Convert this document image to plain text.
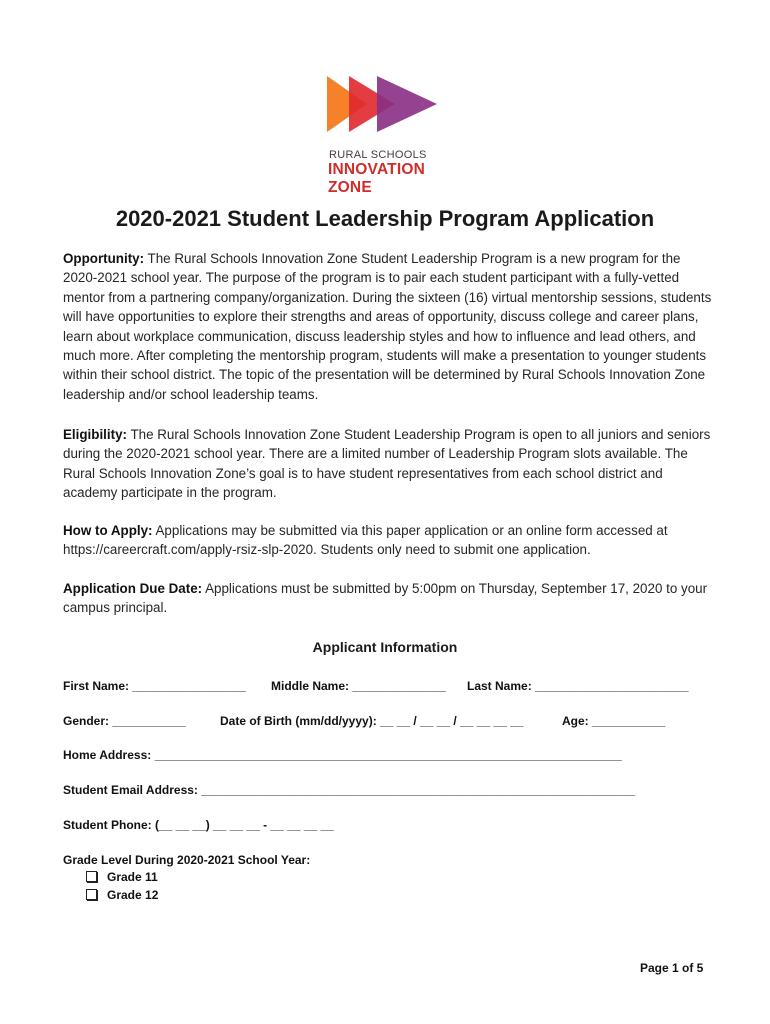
RURAL SCHOOLS
INNOVATION
ZONE
2020-2021 Student Leadership Program Application

Opportunity: The Rural Schools Innovation Zone Student Leadership Program is a new program for the 2020-2021 school year. The purpose of the program is to pair each student participant with a fully-vetted mentor from a partnering company/organization. During the sixteen (16) virtual mentorship sessions, students will have opportunities to explore their strengths and areas of opportunity, discuss college and career plans, learn about workplace communication, discuss leadership styles and how to influence and lead others, and much more. After completing the mentorship program, students will make a presentation to younger students within their school district. The topic of the presentation will be determined by Rural Schools Innovation Zone leadership and/or school leadership teams.

Eligibility: The Rural Schools Innovation Zone Student Leadership Program is open to all juniors and seniors during the 2020-2021 school year. There are a limited number of Leadership Program slots available. The Rural Schools Innovation Zone’s goal is to have student representatives from each school district and academy participate in the program.

How to Apply: Applications may be submitted via this paper application or an online form accessed at https://careercraft.com/apply-rsiz-slp-2020. Students only need to submit one application.

Application Due Date: Applications must be submitted by 5:00pm on Thursday, September 17, 2020 to your campus principal.

Applicant Information
First Name: _________________ Middle Name: ______________ Last Name: _______________________
Gender: ___________	Date of Birth (mm/dd/yyyy): __ __ / __ __ / __ __ __ __	Age: ___________
Home Address: ______________________________________________________________________
Student Email Address: _________________________________________________________________
Student Phone: (__ __ __) __ __ __ - __ __ __ __
Grade Level During 2020-2021 School Year:
Grade 11
Grade 12
Page 1 of 5
